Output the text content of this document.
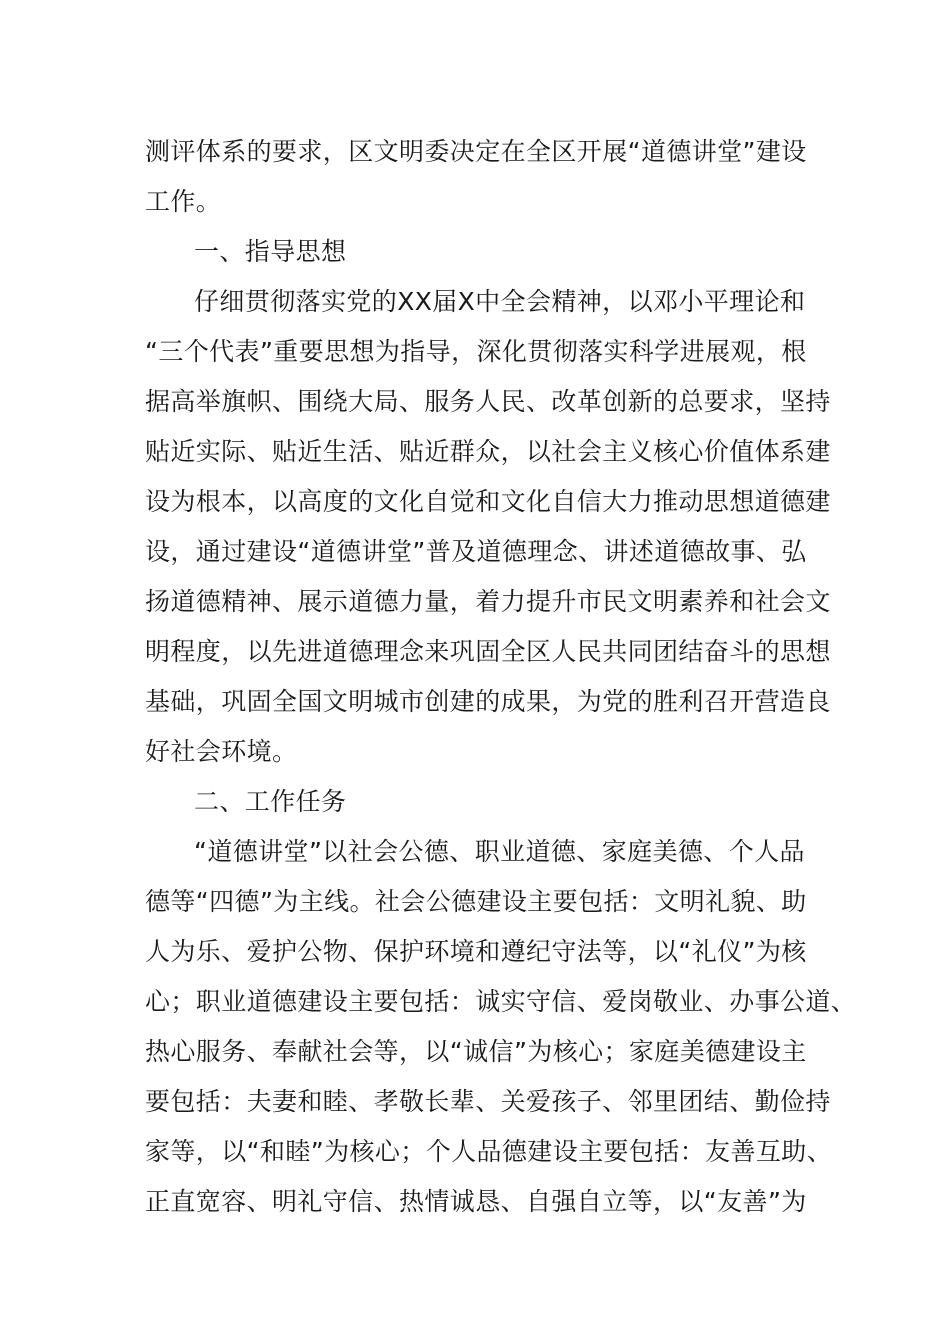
测评体系的要求，区文明委决定在全区开展“道德讲堂”建设
工作。
一、指导思想
仔细贯彻落实党的XX届X中全会精神，以邓小平理论和
“三个代表”重要思想为指导，深化贯彻落实科学进展观，根
据高举旗帜、围绕大局、服务人民、改革创新的总要求，坚持
贴近实际、贴近生活、贴近群众，以社会主义核心价值体系建
设为根本，以高度的文化自觉和文化自信大力推动思想道德建
设，通过建设“道德讲堂”普及道德理念、讲述道德故事、弘
扬道德精神、展示道德力量，着力提升市民文明素养和社会文
明程度，以先进道德理念来巩固全区人民共同团结奋斗的思想
基础，巩固全国文明城市创建的成果，为党的胜利召开营造良
好社会环境。
二、工作任务
“道德讲堂”以社会公德、职业道德、家庭美德、个人品
德等“四德”为主线。社会公德建设主要包括：文明礼貌、助
人为乐、爱护公物、保护环境和遵纪守法等，以“礼仪”为核
心；职业道德建设主要包括：诚实守信、爱岗敬业、办事公道、
热心服务、奉献社会等，以“诚信”为核心；家庭美德建设主
要包括：夫妻和睦、孝敬长辈、关爱孩子、邻里团结、勤俭持
家等，以“和睦”为核心；个人品德建设主要包括：友善互助、
正直宽容、明礼守信、热情诚恳、自强自立等，以“友善”为
